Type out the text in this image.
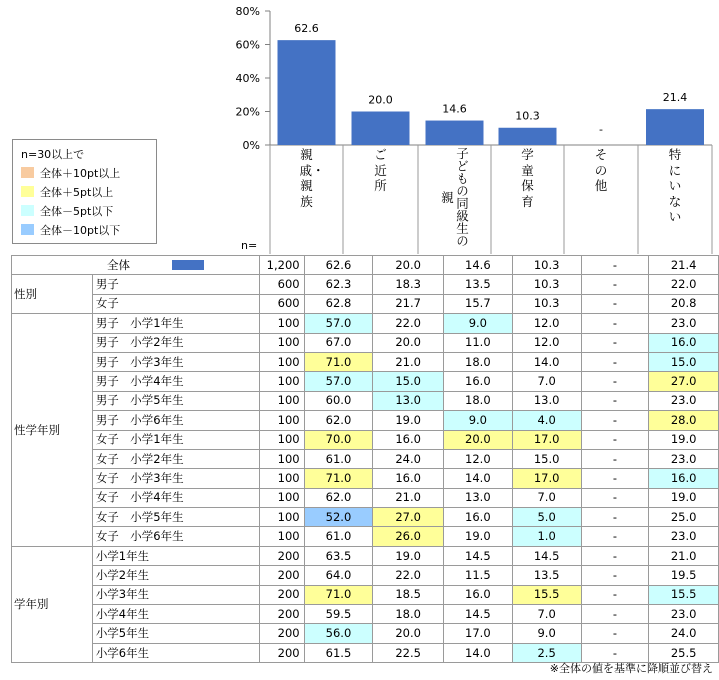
0%
20%
40%
60%
80%
62.6
20.0
14.6
10.3
-
21.4
n=30以上で
全体＋10pt以上
全体＋5pt以上
全体－5pt以下
全体－10pt以下
n=
親戚・親族
ご近所	子どもの同級生の親
学童保育
その他
特にいない
全体		1,200	62.6	20.0	14.6	10.3	-	21.4
性別	男子	600	62.3	18.3	13.5	10.3	-	22.0
	女子	600	62.8	21.7	15.7	10.3	-	20.8
性学年別	男子　小学1年生	100	57.0	22.0	9.0	12.0	-	23.0
	男子　小学2年生	100	67.0	20.0	11.0	12.0	-	16.0
	男子　小学3年生	100	71.0	21.0	18.0	14.0	-	15.0
	男子　小学4年生	100	57.0	15.0	16.0	7.0	-	27.0
	男子　小学5年生	100	60.0	13.0	18.0	13.0	-	23.0
	男子　小学6年生	100	62.0	19.0	9.0	4.0	-	28.0
	女子　小学1年生	100	70.0	16.0	20.0	17.0	-	19.0
	女子　小学2年生	100	61.0	24.0	12.0	15.0	-	23.0
	女子　小学3年生	100	71.0	16.0	14.0	17.0	-	16.0
	女子　小学4年生	100	62.0	21.0	13.0	7.0	-	19.0
	女子　小学5年生	100	52.0	27.0	16.0	5.0	-	25.0
	女子　小学6年生	100	61.0	26.0	19.0	1.0	-	23.0
学年別	小学1年生	200	63.5	19.0	14.5	14.5	-	21.0
	小学2年生	200	64.0	22.0	11.5	13.5	-	19.5
	小学3年生	200	71.0	18.5	16.0	15.5	-	15.5
	小学4年生	200	59.5	18.0	14.5	7.0	-	23.0
	小学5年生	200	56.0	20.0	17.0	9.0	-	24.0
	小学6年生	200	61.5	22.5	14.0	2.5	-	25.5
※全体の値を基準に降順並び替え
